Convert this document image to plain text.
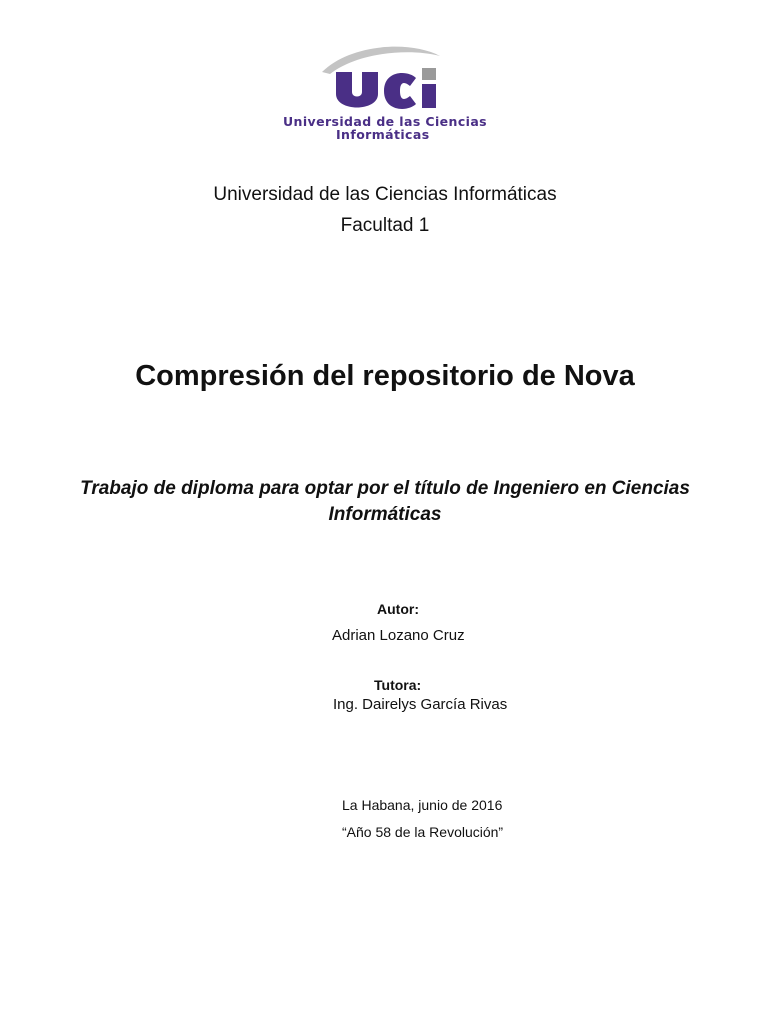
Universidad de las Ciencias
Informáticas
Universidad de las Ciencias Informáticas
Facultad 1
Compresión del repositorio de Nova
Trabajo de diploma para optar por el título de Ingeniero en Ciencias Informáticas
Autor:
Adrian Lozano Cruz
Tutora:
Ing. Dairelys García Rivas
La Habana, junio de 2016
“Año 58 de la Revolución”
